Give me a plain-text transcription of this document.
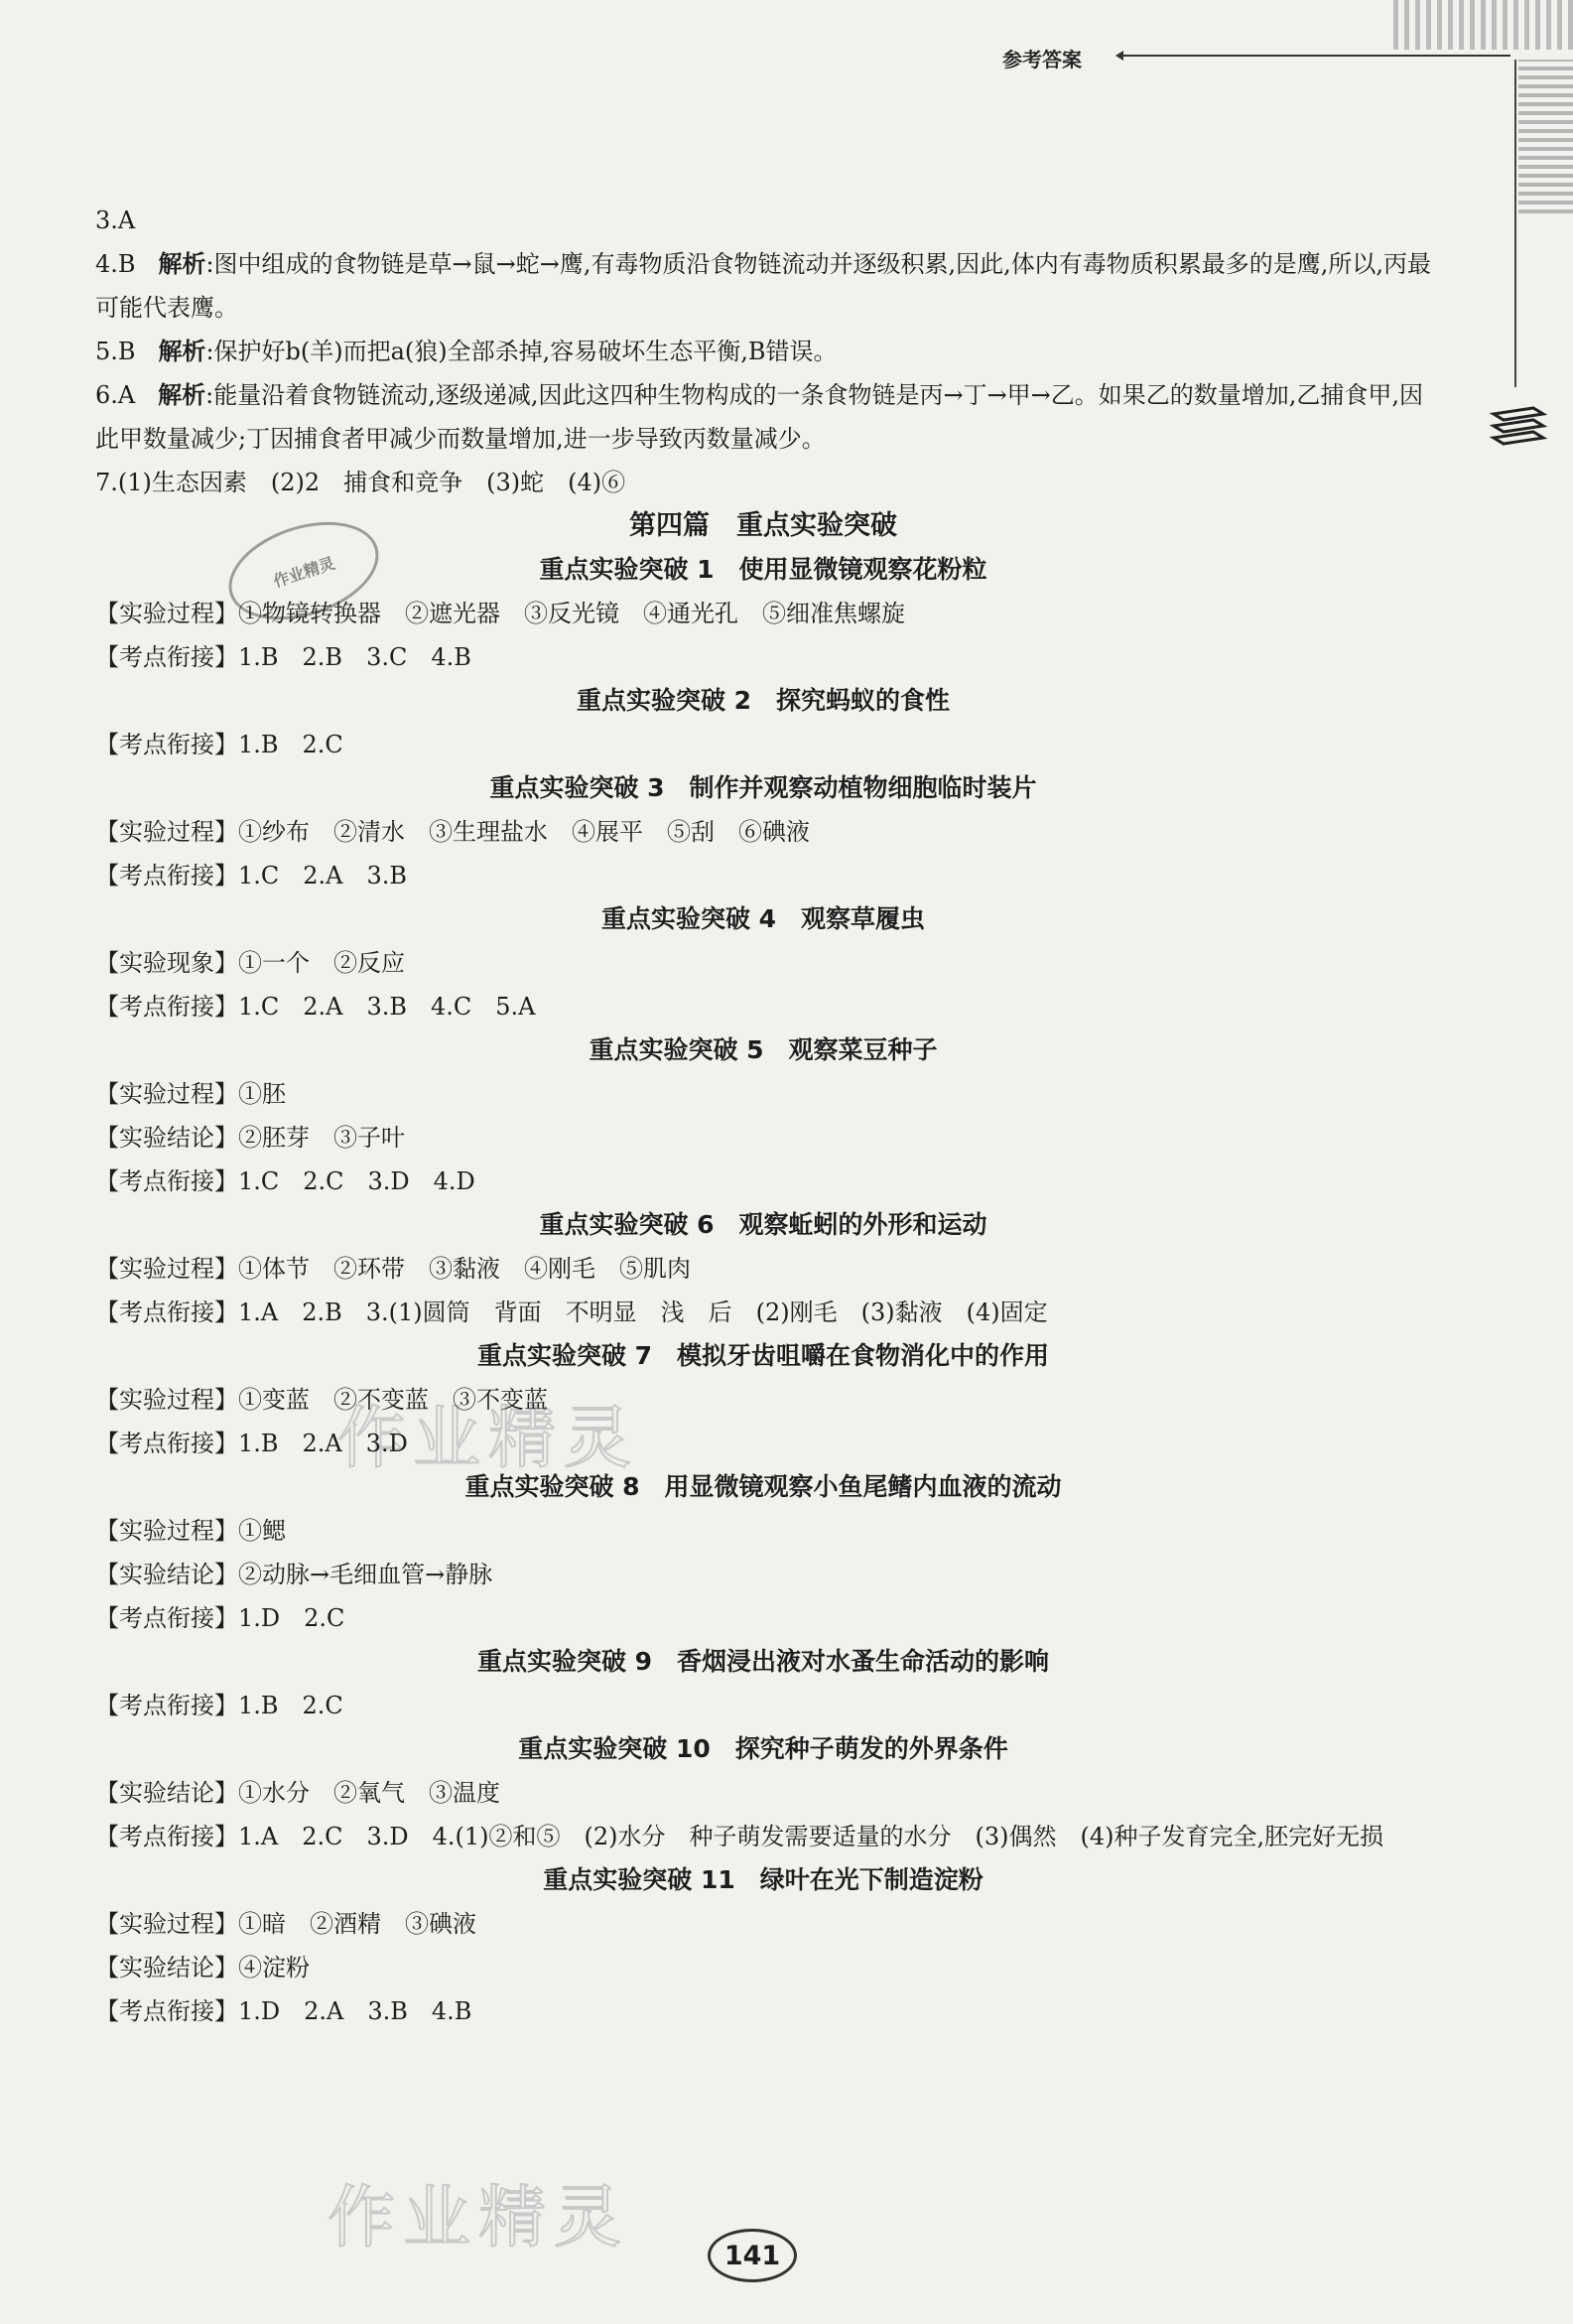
参考答案
作业精灵
作业精灵
作业精灵
3.A
4.B 解析:图中组成的食物链是草→鼠→蛇→鹰,有毒物质沿食物链流动并逐级积累,因此,体内有毒物质积累最多的是鹰,所以,丙最可能代表鹰。
5.B 解析:保护好b(羊)而把a(狼)全部杀掉,容易破坏生态平衡,B错误。
6.A 解析:能量沿着食物链流动,逐级递减,因此这四种生物构成的一条食物链是丙→丁→甲→乙。如果乙的数量增加,乙捕食甲,因此甲数量减少;丁因捕食者甲减少而数量增加,进一步导致丙数量减少。
7.(1)生态因素　(2)2　捕食和竞争　(3)蛇　(4)⑥
第四篇　重点实验突破
重点实验突破 1　使用显微镜观察花粉粒
【实验过程】①物镜转换器　②遮光器　③反光镜　④通光孔　⑤细准焦螺旋
【考点衔接】1.B　2.B　3.C　4.B
重点实验突破 2　探究蚂蚁的食性
【考点衔接】1.B　2.C
重点实验突破 3　制作并观察动植物细胞临时装片
【实验过程】①纱布　②清水　③生理盐水　④展平　⑤刮　⑥碘液
【考点衔接】1.C　2.A　3.B
重点实验突破 4　观察草履虫
【实验现象】①一个　②反应
【考点衔接】1.C　2.A　3.B　4.C　5.A
重点实验突破 5　观察菜豆种子
【实验过程】①胚
【实验结论】②胚芽　③子叶
【考点衔接】1.C　2.C　3.D　4.D
重点实验突破 6　观察蚯蚓的外形和运动
【实验过程】①体节　②环带　③黏液　④刚毛　⑤肌肉
【考点衔接】1.A　2.B　3.(1)圆筒　背面　不明显　浅　后　(2)刚毛　(3)黏液　(4)固定
重点实验突破 7　模拟牙齿咀嚼在食物消化中的作用
【实验过程】①变蓝　②不变蓝　③不变蓝
【考点衔接】1.B　2.A　3.D
重点实验突破 8　用显微镜观察小鱼尾鳍内血液的流动
【实验过程】①鳃
【实验结论】②动脉→毛细血管→静脉
【考点衔接】1.D　2.C
重点实验突破 9　香烟浸出液对水蚤生命活动的影响
【考点衔接】1.B　2.C
重点实验突破 10　探究种子萌发的外界条件
【实验结论】①水分　②氧气　③温度
【考点衔接】1.A　2.C　3.D　4.(1)②和⑤　(2)水分　种子萌发需要适量的水分　(3)偶然　(4)种子发育完全,胚完好无损
重点实验突破 11　绿叶在光下制造淀粉
【实验过程】①暗　②酒精　③碘液
【实验结论】④淀粉
【考点衔接】1.D　2.A　3.B　4.B
141
